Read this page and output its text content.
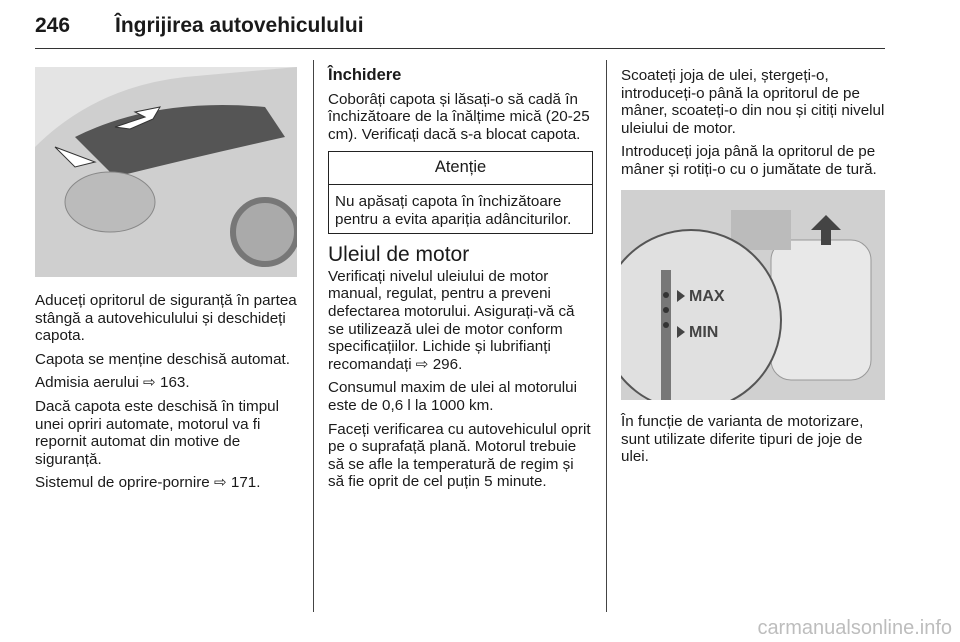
246 Îngrijirea autovehiculului

Aduceți opritorul de siguranță în partea stângă a autovehiculului și deschideți capota.

Capota se menține deschisă automat.

Admisia aerului ⇨ 163.

Dacă capota este deschisă în timpul unei opriri automate, motorul va fi repornit automat din motive de siguranță.

Sistemul de oprire-pornire ⇨ 171.

Închidere

Coborâți capota și lăsați-o să cadă în închizătoare de la înălțime mică (20-25 cm). Verificați dacă s-a blocat capota.

Atenție
Nu apăsați capota în închizătoare pentru a evita apariția adânciturilor.
Uleiul de motor

Verificați nivelul uleiului de motor manual, regulat, pentru a preveni defectarea motorului. Asigurați-vă că se utilizează ulei de motor conform specificațiilor. Lichide și lubrifianți recomandați ⇨ 296.

Consumul maxim de ulei al motorului este de 0,6 l la 1000 km.

Faceți verificarea cu autovehiculul oprit pe o suprafață plană. Motorul trebuie să se afle la temperatură de regim și să fie oprit de cel puțin 5 minute.

Scoateți joja de ulei, ștergeți-o, introduceți-o până la opritorul de pe mâner, scoateți-o din nou și citiți nivelul uleiului de motor.

Introduceți joja până la opritorul de pe mâner și rotiți-o cu o jumătate de tură.

MAX
MIN

În funcție de varianta de motorizare, sunt utilizate diferite tipuri de joje de ulei.

carmanualsonline.info
